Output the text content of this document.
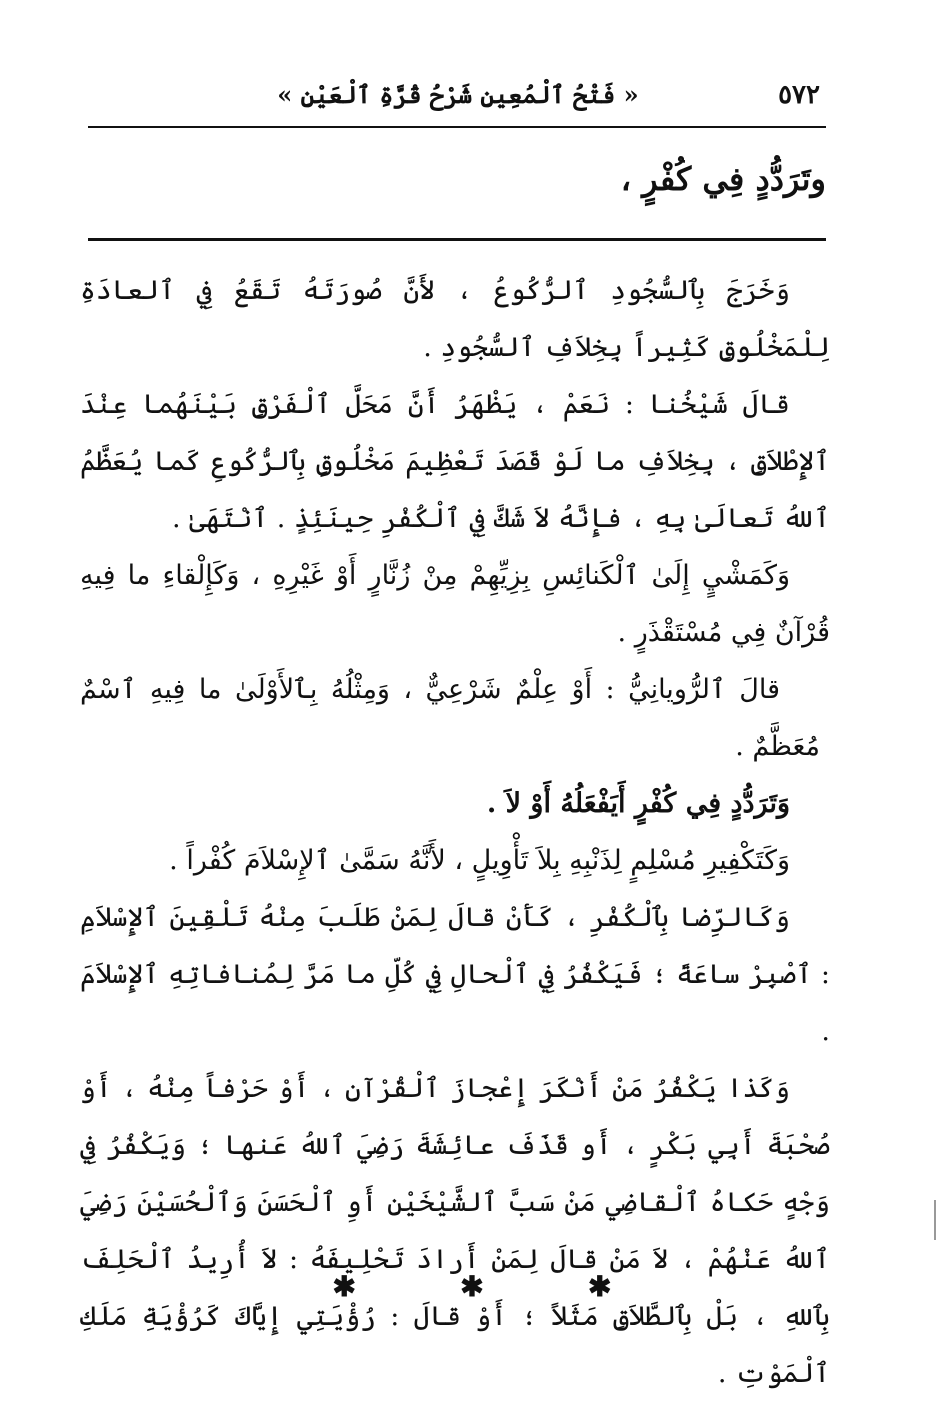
٥٧٢
« فَتْحُ ٱلْمُعِينِ شَرْحُ قُرَّةِ ٱلْعَيْنِ »
وتَرَدُّدٍ فِي كُفْرٍ ،

وَخَرَجَ بِٱلسُّجُودِ ٱلرُّكُوعُ ، لأَنَّ صُورَتَهُ تَقَعُ فِي ٱلعادَةِ لِلْمَخْلُوقِ كَثِيراً بِخِلاَفِ ٱلسُّجُودِ .

قالَ شَيْخُنا : نَعَمْ ، يَظْهَرُ أَنَّ مَحَلَّ ٱلْفَرْقِ بَيْنَهُما عِنْدَ ٱلإِطْلاَقِ ، بِخِلاَفِ ما لَوْ قَصَدَ تَعْظِيمَ مَخْلُوقٍ بِٱلرُّكُوعِ كَما يُعَظَّمُ ٱللهُ تَعالَىٰ بِهِ ، فإِنَّهُ لاَ شَكَّ فِي ٱلْكُفْرِ حِينَئِذٍ . ٱنْتَهَىٰ .

وَكَمَشْيٍ إِلَىٰ ٱلْكَنائِسِ بِزِيِّهِمْ مِنْ زُنَّارٍ أَوْ غَيْرِهِ ، وَكَإِلْقاءِ ما فِيهِ قُرْآنٌ فِي مُسْتَقْذَرٍ .

قالَ ٱلرُّويانِيُّ : أَوْ عِلْمٌ شَرْعِيٌّ ، وَمِثْلُهُ بِٱلأَوْلَىٰ ما فِيهِ ٱسْمٌ مُعَظَّمٌ .

وَتَرَدُّدٍ فِي كُفْرٍ أَيَفْعَلُهُ أَوْ لاَ .

وَكَتَكْفِيرِ مُسْلِمٍ لِذَنْبِهِ بِلاَ تَأْوِيلٍ ، لأَنَّهُ سَمَّىٰ ٱلإِسْلاَمَ كُفْراً .

وَكَالرِّضا بِٱلْكُفْرِ ، كَأَنْ قالَ لِمَنْ طَلَبَ مِنْهُ تَلْقِينَ ٱلإِسْلاَمِ : ٱصْبِرْ ساعَةً ؛ فَيَكْفُرُ فِي ٱلْحالِ فِي كُلِّ ما مَرَّ لِمُنافاتِهِ ٱلإِسْلاَمَ .

وَكَذا يَكْفُرُ مَنْ أَنْكَرَ إِعْجازَ ٱلْقُرْآنِ ، أَوْ حَرْفاً مِنْهُ ، أَوْ صُحْبَةَ أَبِي بَكْرٍ ، أَو قَذَفَ عائِشَةَ رَضِيَ ٱللهُ عَنها ؛ وَيَكْفُرُ فِي وَجْهٍ حَكاهُ ٱلْقاضِي مَنْ سَبَّ ٱلشَّيْخَيْنِ أَوِ ٱلْحَسَنَ وَٱلْحُسَيْنَ رَضِيَ ٱللهُ عَنْهُمْ ، لاَ مَنْ قالَ لِمَنْ أَرادَ تَحْلِيفَهُ : لاَ أُرِيدُ ٱلْحَلِفَ بِٱللهِ ، بَلْ بِٱلطَّلاَقِ مَثَلاً ؛ أَوْ قالَ : رُؤْيَتِي إِيَّاكَ كَرُؤْيَةِ مَلَكِ ٱلْمَوْتِ .

✱	✱	✱
